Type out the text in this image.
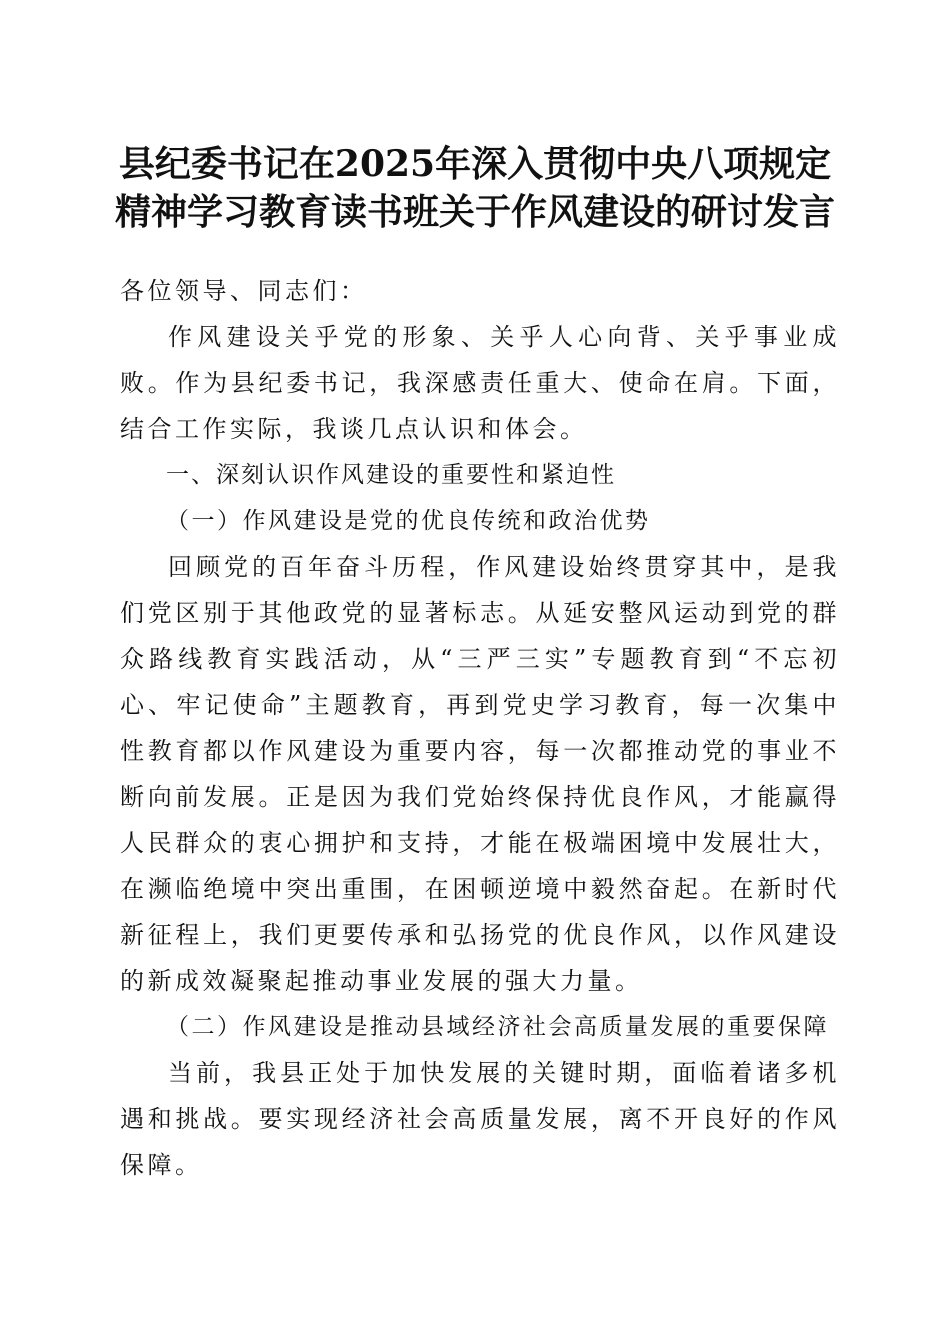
县纪委书记在2025年深入贯彻中央八项规定
精神学习教育读书班关于作风建设的研讨发言

各位领导、同志们：

作风建设关乎党的形象、关乎人心向背、关乎事业成败。作为县纪委书记，我深感责任重大、使命在肩。下面，结合工作实际，我谈几点认识和体会。

一、深刻认识作风建设的重要性和紧迫性

（一）作风建设是党的优良传统和政治优势

回顾党的百年奋斗历程，作风建设始终贯穿其中，是我们党区别于其他政党的显著标志。从延安整风运动到党的群众路线教育实践活动，从“三严三实”专题教育到“不忘初心、牢记使命”主题教育，再到党史学习教育，每一次集中性教育都以作风建设为重要内容，每一次都推动党的事业不断向前发展。正是因为我们党始终保持优良作风，才能赢得人民群众的衷心拥护和支持，才能在极端困境中发展壮大，在濒临绝境中突出重围，在困顿逆境中毅然奋起。在新时代新征程上，我们更要传承和弘扬党的优良作风，以作风建设的新成效凝聚起推动事业发展的强大力量。

（二）作风建设是推动县域经济社会高质量发展的重要保障

当前，我县正处于加快发展的关键时期，面临着诸多机遇和挑战。要实现经济社会高质量发展，离不开良好的作风保障。
